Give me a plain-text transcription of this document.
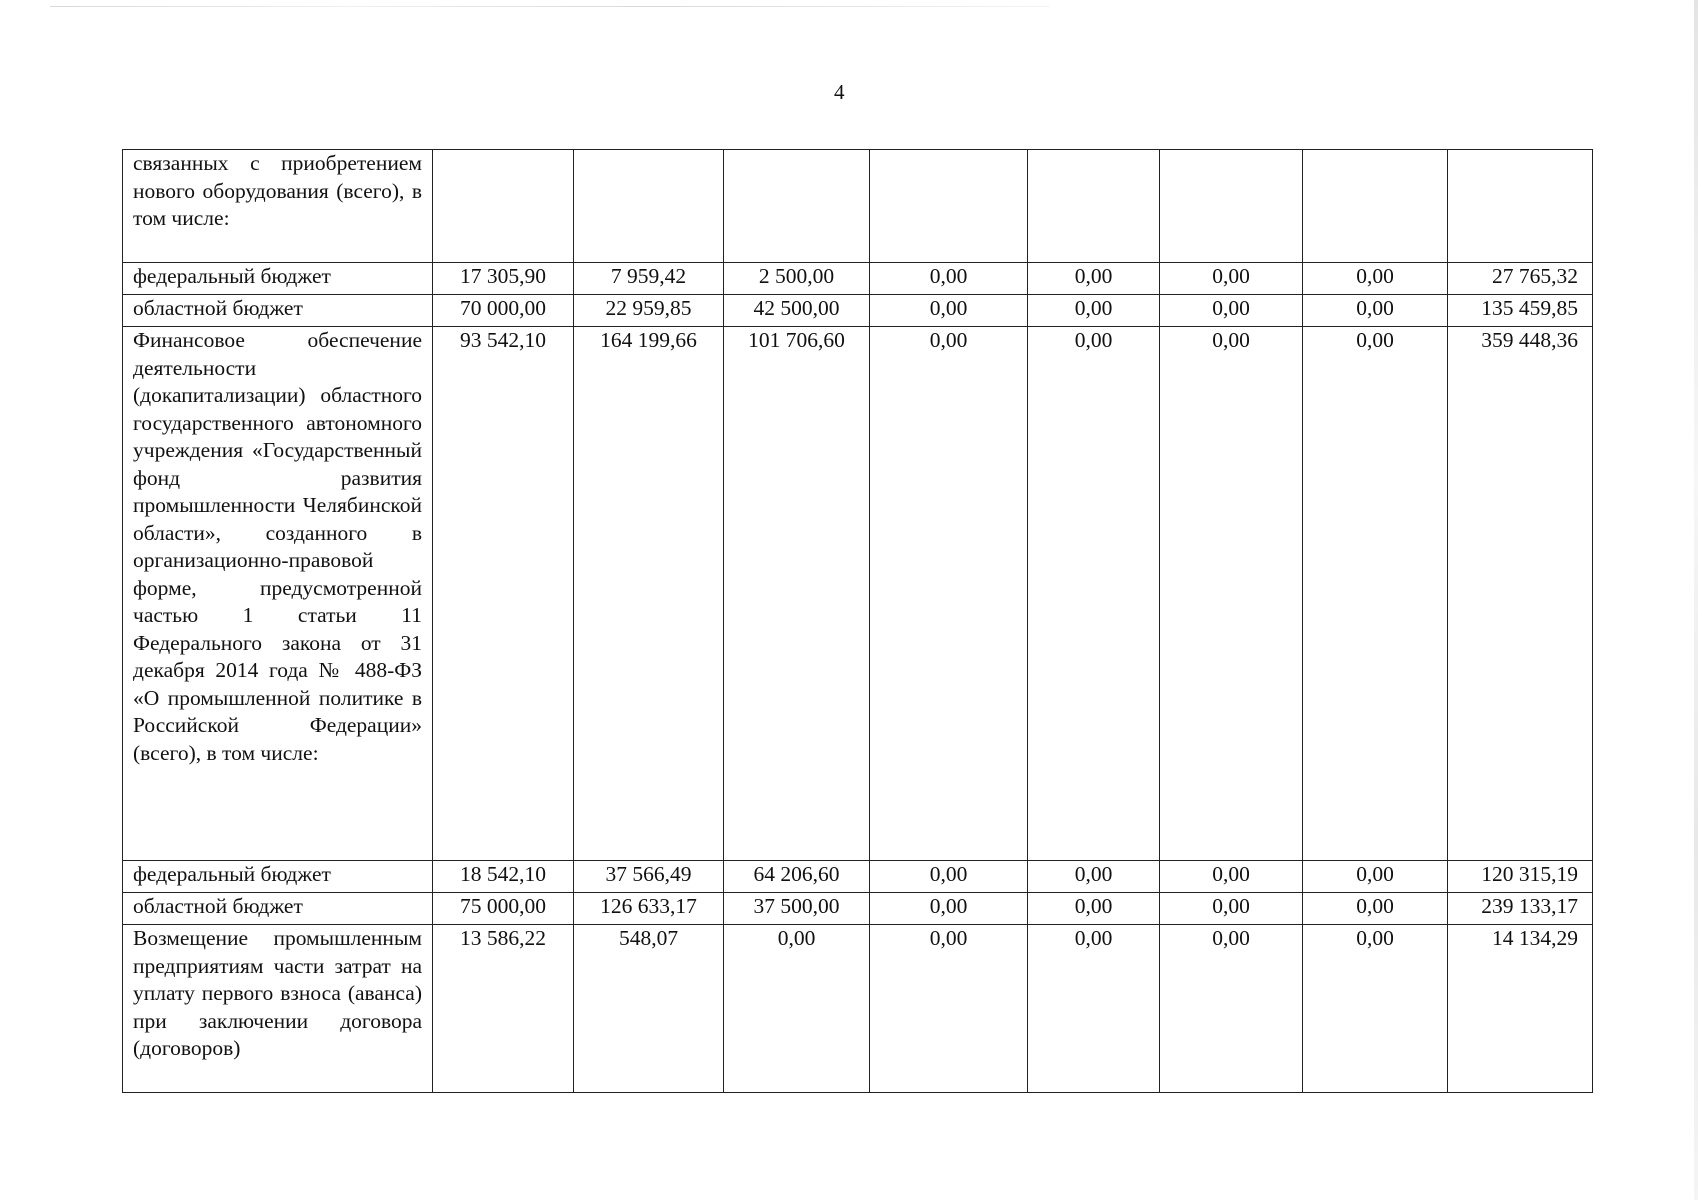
4
связанных с приобретением нового оборудования (всего), в том числе:								

федеральный бюджет	17 305,90	7 959,42	2 500,00	0,00	0,00	0,00	0,00	27 765,32

областной бюджет	70 000,00	22 959,85	42 500,00	0,00	0,00	0,00	0,00	135 459,85

Финансовое обеспечение деятельности (докапитализации) областного государственного автономного учреждения «Государственный фонд развития промышленности Челябинской области», созданного в организационно-правовой форме, предусмотренной частью 1 статьи 11 Федерального закона от 31 декабря 2014 года № 488-ФЗ «О промышленной политике в Российской Федерации» (всего), в том числе:	93 542,10	164 199,66	101 706,60	0,00	0,00	0,00	0,00	359 448,36

федеральный бюджет	18 542,10	37 566,49	64 206,60	0,00	0,00	0,00	0,00	120 315,19

областной бюджет	75 000,00	126 633,17	37 500,00	0,00	0,00	0,00	0,00	239 133,17

Возмещение промышленным предприятиям части затрат на уплату первого взноса (аванса) при заключении договора (договоров)	13 586,22	548,07	0,00	0,00	0,00	0,00	0,00	14 134,29
